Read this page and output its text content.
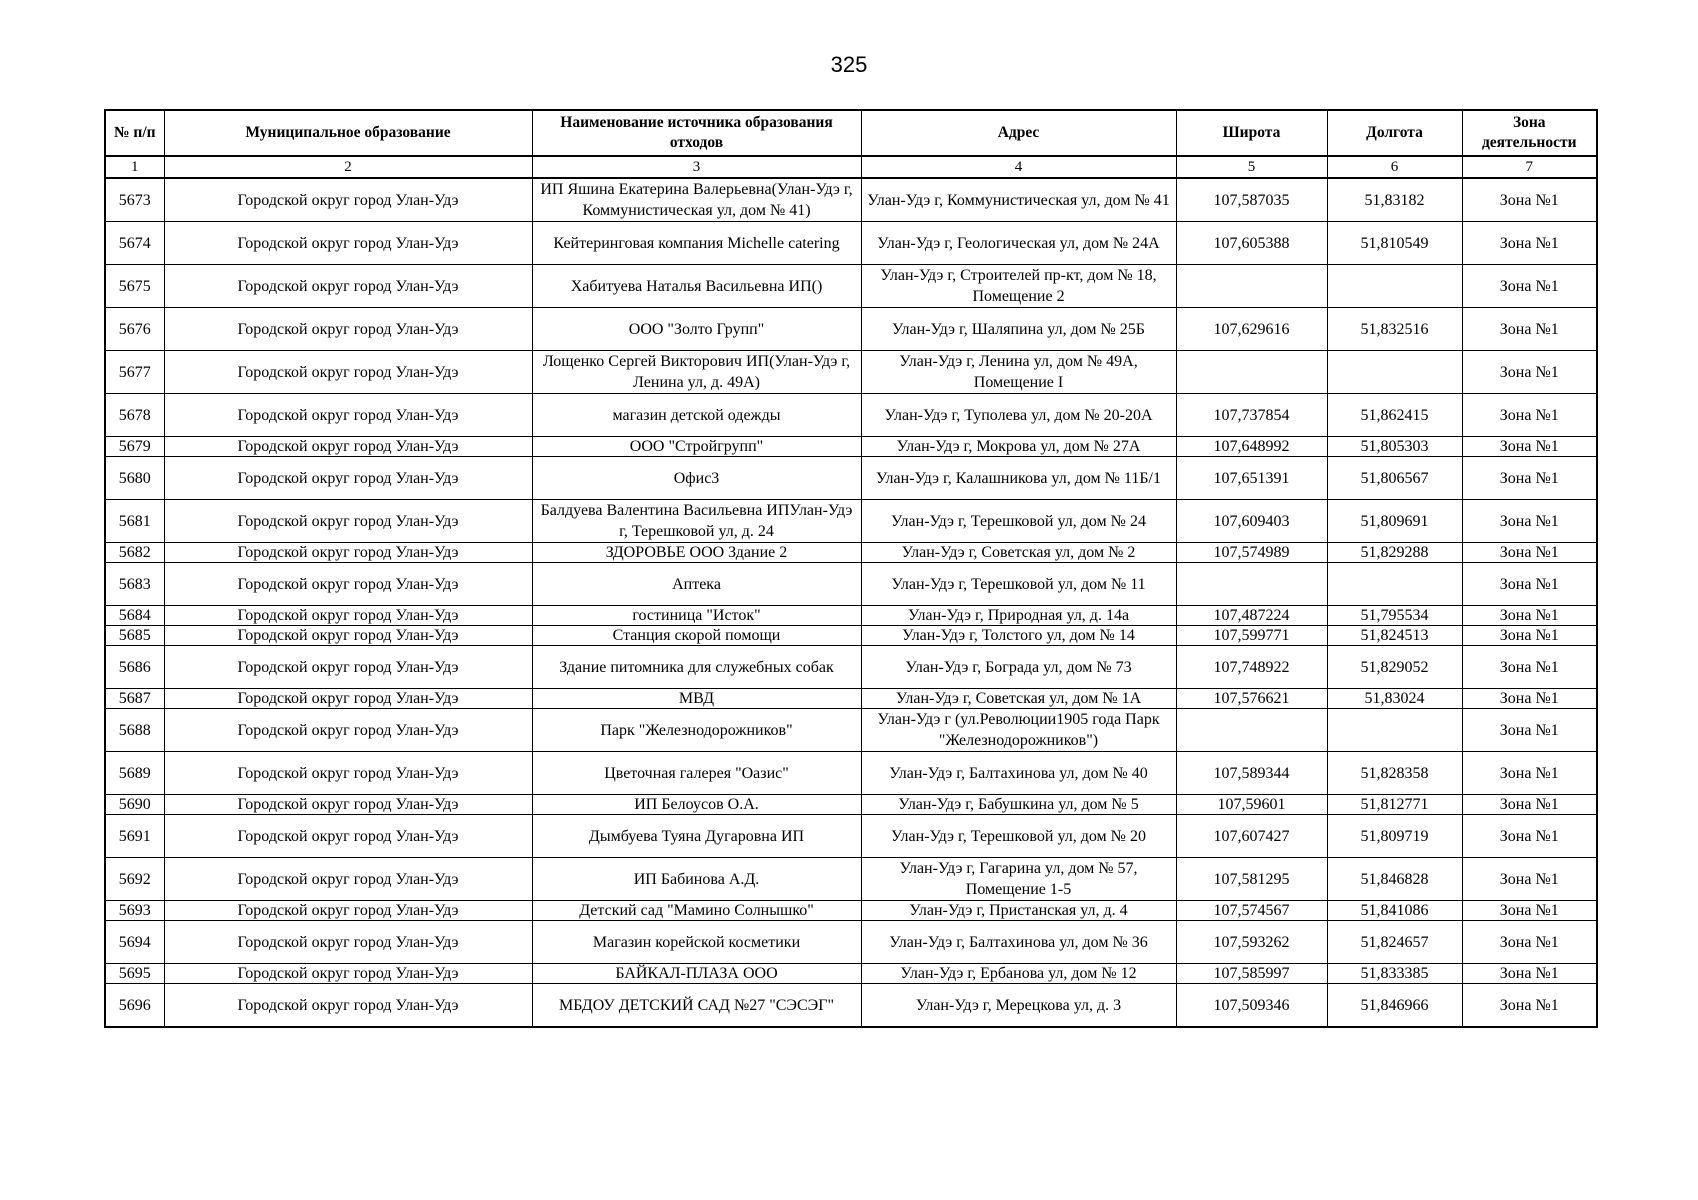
325
№ п/п	Муниципальное образование	Наименование источника образования отходов	Адрес	Широта	Долгота	Зона деятельности
1	2	3	4	5	6	7
5673	Городской округ город Улан-Удэ	ИП Яшина Екатерина Валерьевна(Улан-Удэ г, Коммунистическая ул, дом № 41)	Улан-Удэ г, Коммунистическая ул, дом № 41	107,587035	51,83182	Зона №1
5674	Городской округ город Улан-Удэ	Кейтеринговая компания Michelle catering	Улан-Удэ г, Геологическая ул, дом № 24А	107,605388	51,810549	Зона №1
5675	Городской округ город Улан-Удэ	Хабитуева Наталья Васильевна ИП()	Улан-Удэ г, Строителей пр-кт, дом № 18, Помещение 2			Зона №1
5676	Городской округ город Улан-Удэ	ООО "Золто Групп"	Улан-Удэ г, Шаляпина ул, дом № 25Б	107,629616	51,832516	Зона №1
5677	Городской округ город Улан-Удэ	Лощенко Сергей Викторович ИП(Улан-Удэ г, Ленина ул, д. 49А)	Улан-Удэ г, Ленина ул, дом № 49А, Помещение I			Зона №1
5678	Городской округ город Улан-Удэ	магазин детской одежды	Улан-Удэ г, Туполева ул, дом № 20-20А	107,737854	51,862415	Зона №1
5679	Городской округ город Улан-Удэ	ООО "Стройгрупп"	Улан-Удэ г, Мокрова ул, дом № 27А	107,648992	51,805303	Зона №1
5680	Городской округ город Улан-Удэ	Офис3	Улан-Удэ г, Калашникова ул, дом № 11Б/1	107,651391	51,806567	Зона №1
5681	Городской округ город Улан-Удэ	Балдуева Валентина Васильевна ИПУлан-Удэ г, Терешковой ул, д. 24	Улан-Удэ г, Терешковой ул, дом № 24	107,609403	51,809691	Зона №1
5682	Городской округ город Улан-Удэ	ЗДОРОВЬЕ ООО Здание 2	Улан-Удэ г, Советская ул, дом № 2	107,574989	51,829288	Зона №1
5683	Городской округ город Улан-Удэ	Аптека	Улан-Удэ г, Терешковой ул, дом № 11			Зона №1
5684	Городской округ город Улан-Удэ	гостиница "Исток"	Улан-Удэ г, Природная ул, д. 14а	107,487224	51,795534	Зона №1
5685	Городской округ город Улан-Удэ	Станция скорой помощи	Улан-Удэ г, Толстого ул, дом № 14	107,599771	51,824513	Зона №1
5686	Городской округ город Улан-Удэ	Здание питомника для служебных собак	Улан-Удэ г, Бограда ул, дом № 73	107,748922	51,829052	Зона №1
5687	Городской округ город Улан-Удэ	МВД	Улан-Удэ г, Советская ул, дом № 1А	107,576621	51,83024	Зона №1
5688	Городской округ город Улан-Удэ	Парк "Железнодорожников"	Улан-Удэ г (ул.Революции1905 года Парк "Железнодорожников")			Зона №1
5689	Городской округ город Улан-Удэ	Цветочная галерея "Оазис"	Улан-Удэ г, Балтахинова ул, дом № 40	107,589344	51,828358	Зона №1
5690	Городской округ город Улан-Удэ	ИП Белоусов О.А.	Улан-Удэ г, Бабушкина ул, дом № 5	107,59601	51,812771	Зона №1
5691	Городской округ город Улан-Удэ	Дымбуева Туяна Дугаровна ИП	Улан-Удэ г, Терешковой ул, дом № 20	107,607427	51,809719	Зона №1
5692	Городской округ город Улан-Удэ	ИП Бабинова А.Д.	Улан-Удэ г, Гагарина ул, дом № 57, Помещение 1-5	107,581295	51,846828	Зона №1
5693	Городской округ город Улан-Удэ	Детский сад "Мамино Солнышко"	Улан-Удэ г, Пристанская ул, д. 4	107,574567	51,841086	Зона №1
5694	Городской округ город Улан-Удэ	Магазин корейской косметики	Улан-Удэ г, Балтахинова ул, дом № 36	107,593262	51,824657	Зона №1
5695	Городской округ город Улан-Удэ	БАЙКАЛ-ПЛАЗА ООО	Улан-Удэ г, Ербанова ул, дом № 12	107,585997	51,833385	Зона №1
5696	Городской округ город Улан-Удэ	МБДОУ ДЕТСКИЙ САД №27 "СЭСЭГ"	Улан-Удэ г, Мерецкова ул, д. 3	107,509346	51,846966	Зона №1
